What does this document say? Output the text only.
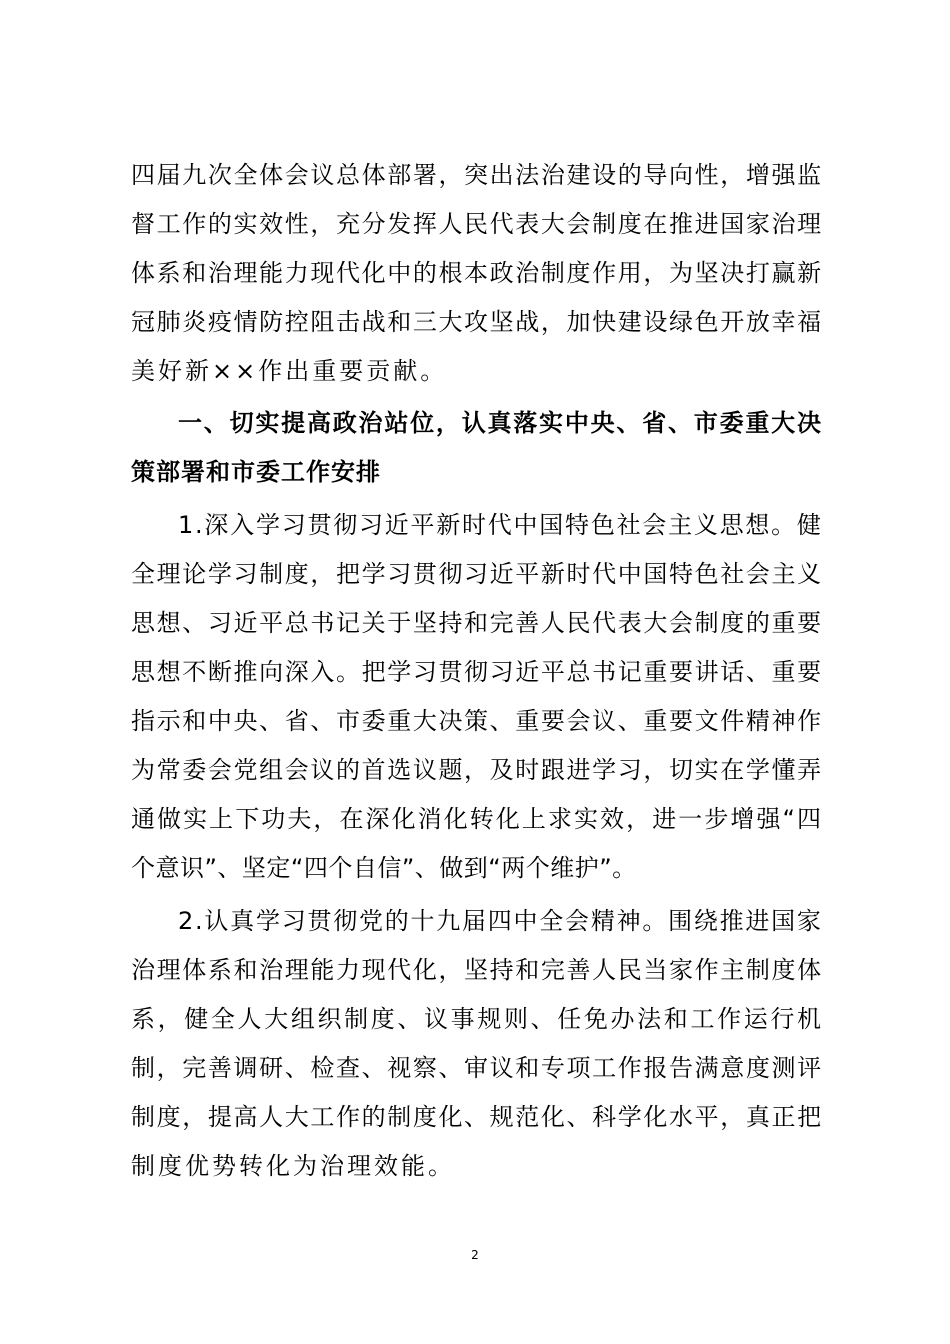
四届九次全体会议总体部署，突出法治建设的导向性，增强监
督工作的实效性，充分发挥人民代表大会制度在推进国家治理
体系和治理能力现代化中的根本政治制度作用，为坚决打赢新
冠肺炎疫情防控阻击战和三大攻坚战，加快建设绿色开放幸福
美好新××作出重要贡献。
一、切实提高政治站位，认真落实中央、省、市委重大决
策部署和市委工作安排
1.深入学习贯彻习近平新时代中国特色社会主义思想。健
全理论学习制度，把学习贯彻习近平新时代中国特色社会主义
思想、习近平总书记关于坚持和完善人民代表大会制度的重要
思想不断推向深入。把学习贯彻习近平总书记重要讲话、重要
指示和中央、省、市委重大决策、重要会议、重要文件精神作
为常委会党组会议的首选议题，及时跟进学习，切实在学懂弄
通做实上下功夫，在深化消化转化上求实效，进一步增强“四
个意识”、坚定“四个自信”、做到“两个维护”。
2.认真学习贯彻党的十九届四中全会精神。围绕推进国家
治理体系和治理能力现代化，坚持和完善人民当家作主制度体
系，健全人大组织制度、议事规则、任免办法和工作运行机
制，完善调研、检查、视察、审议和专项工作报告满意度测评
制度，提高人大工作的制度化、规范化、科学化水平，真正把
制度优势转化为治理效能。
2
